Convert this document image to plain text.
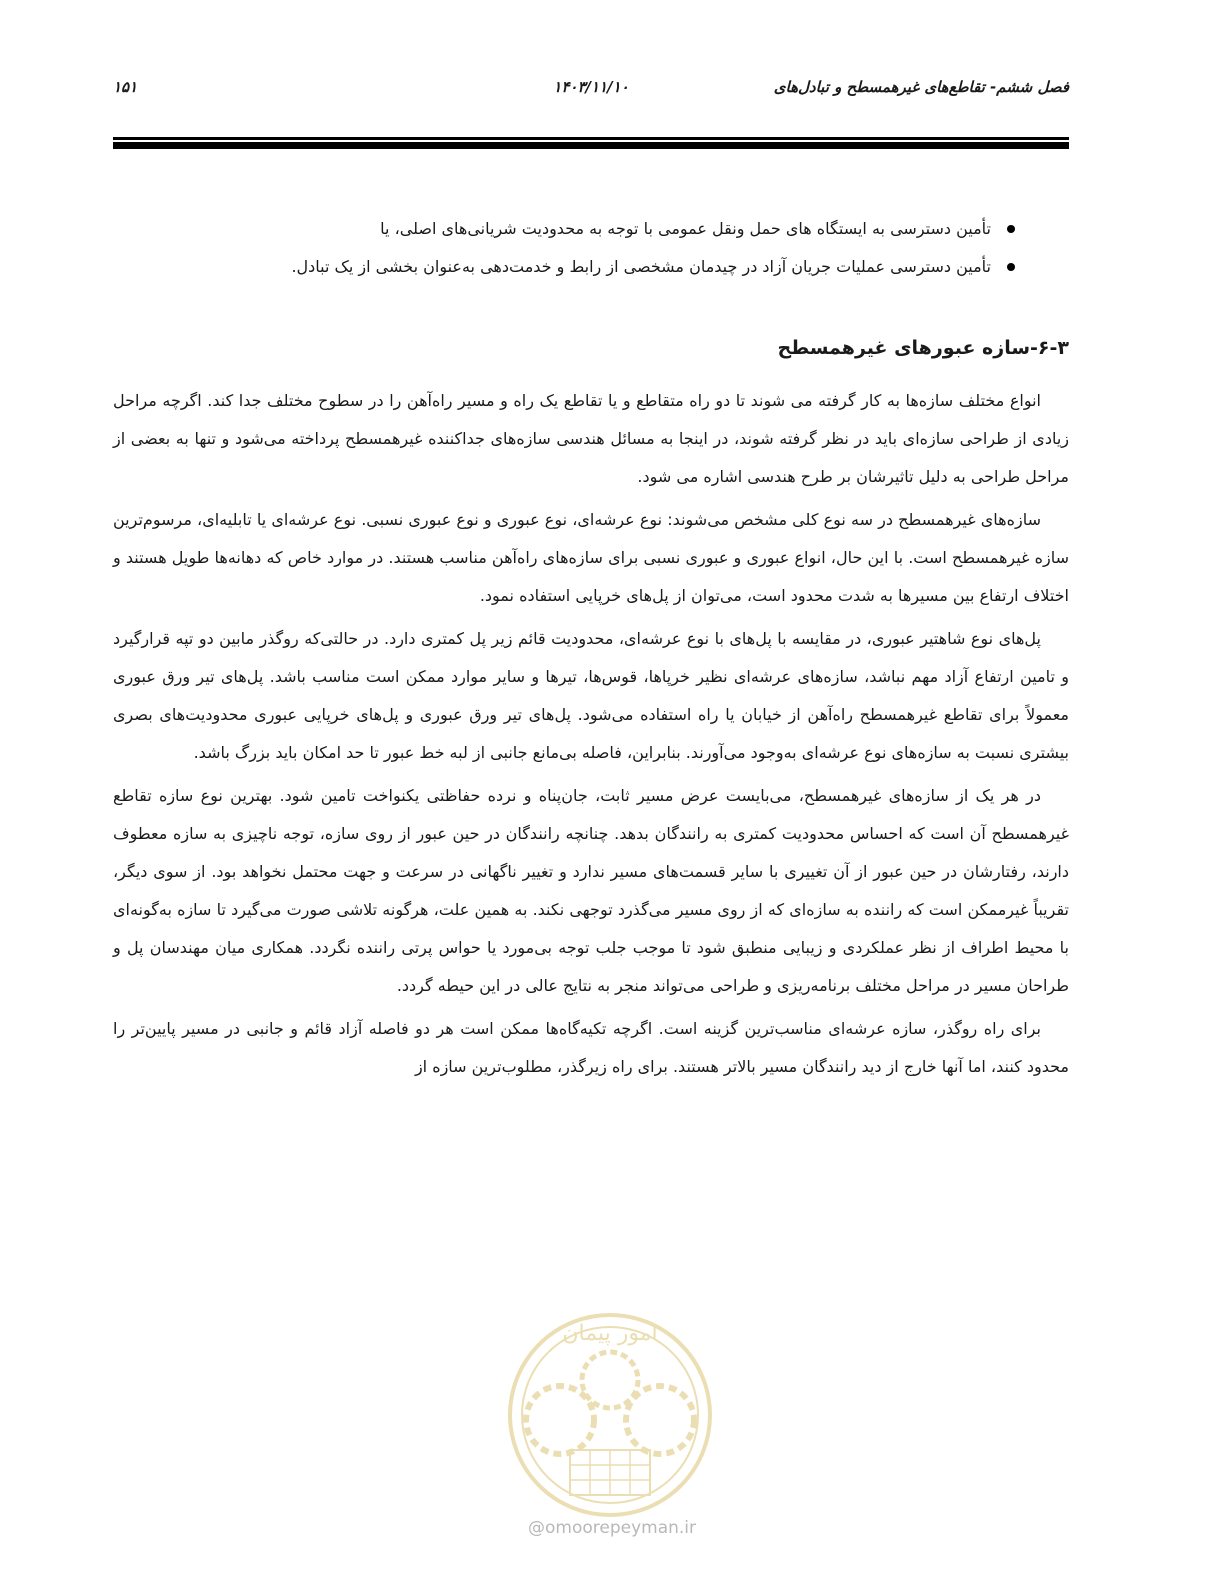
فصل ششم- تقاطع‌های غیرهمسطح و تبادل‌های
۱۴۰۳/۱۱/۱۰
۱۵۱
تأمین دسترسی به ایستگاه های حمل ونقل عمومی با توجه به محدودیت شریانی‌های اصلی، یا
تأمین دسترسی عملیات جریان آزاد در چیدمان مشخصی از رابط و خدمت‌دهی به‌عنوان بخشی از یک تبادل.
۶-۳-سازه عبورهای غیرهمسطح

انواع مختلف سازه‌ها به کار گرفته می شوند تا دو راه متقاطع و یا تقاطع یک راه و مسیر راه‌آهن را در سطوح مختلف جدا کند. اگرچه مراحل زیادی از طراحی سازه‌ای باید در نظر گرفته شوند، در اینجا به مسائل هندسی سازه‌های جداکننده غیرهمسطح پرداخته می‌شود و تنها به بعضی از مراحل طراحی به دلیل تاثیرشان بر طرح هندسی اشاره می شود.

سازه‌های غیرهمسطح در سه نوع کلی مشخص می‌شوند: نوع عرشه‌ای، نوع عبوری و نوع عبوری نسبی. نوع عرشه‌ای یا تابلیه‌ای، مرسوم‌ترین سازه غیرهمسطح است. با این حال، انواع عبوری و عبوری نسبی برای سازه‌های راه‌آهن مناسب هستند. در موارد خاص که دهانه‌ها طویل هستند و اختلاف ارتفاع بین مسیرها به شدت محدود است، می‌توان از پل‌های خرپایی استفاده نمود.

پل‌های نوع شاهتیر عبوری، در مقایسه با پل‌های با نوع عرشه‌ای، محدودیت قائم زیر پل کمتری دارد. در حالتی‌که روگذر مابین دو تپه قرارگیرد و تامین ارتفاع آزاد مهم نباشد، سازه‌های عرشه‌ای نظیر خرپاها، قوس‌ها، تیرها و سایر موارد ممکن است مناسب باشد. پل‌های تیر ورق عبوری معمولاً برای تقاطع غیرهمسطح راه‌آهن از خیابان یا راه استفاده می‌شود. پل‌های تیر ورق عبوری و پل‌های خرپایی عبوری محدودیت‌های بصری بیشتری نسبت به سازه‌های نوع عرشه‌ای به‌وجود می‌آورند. بنابراین، فاصله بی‌مانع جانبی از لبه خط عبور تا حد امکان باید بزرگ باشد.

در هر یک از سازه‌های غیرهمسطح، می‌بایست عرض مسیر ثابت، جان‌پناه و نرده حفاظتی یکنواخت تامین شود. بهترین نوع سازه تقاطع غیرهمسطح آن است که احساس محدودیت کمتری به رانندگان بدهد. چنانچه رانندگان در حین عبور از روی سازه، توجه ناچیزی به سازه معطوف دارند، رفتارشان در حین عبور از آن تغییری با سایر قسمت‌های مسیر ندارد و تغییر ناگهانی در سرعت و جهت محتمل نخواهد بود. از سوی دیگر، تقریباً غیرممکن است که راننده به سازه‌ای که از روی مسیر می‌گذرد توجهی نکند. به همین علت، هرگونه تلاشی صورت می‌گیرد تا سازه به‌گونه‌ای با محیط اطراف از نظر عملکردی و زیبایی منطبق شود تا موجب جلب توجه بی‌مورد یا حواس پرتی راننده نگردد. همکاری میان مهندسان پل و طراحان مسیر در مراحل مختلف برنامه‌ریزی و طراحی می‌تواند منجر به نتایج عالی در این حیطه گردد.

برای راه روگذر، سازه عرشه‌ای مناسب‌ترین گزینه است. اگرچه تکیه‌گاه‌ها ممکن است هر دو فاصله آزاد قائم و جانبی در مسیر پایین‌تر را محدود کنند، اما آنها خارج از دید رانندگان مسیر بالاتر هستند. برای راه زیرگذر، مطلوب‌ترین سازه از

امور پیمان
@omoorepeyman.ir
